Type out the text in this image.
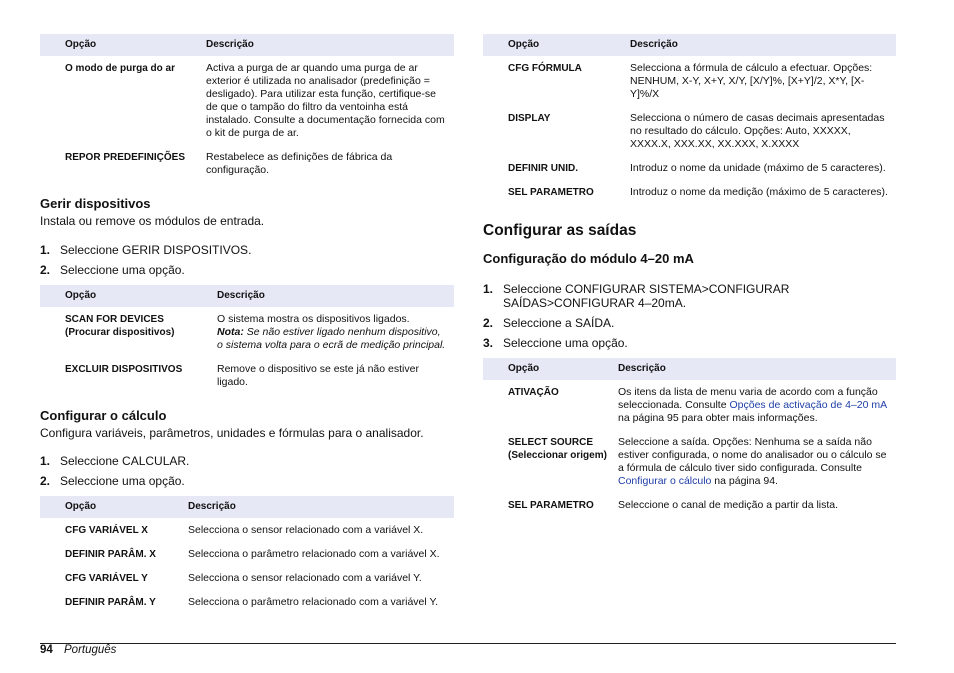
Opção	Descrição
O modo de purga do ar	Activa a purga de ar quando uma purga de ar exterior é utilizada no analisador (predefinição = desligado). Para utilizar esta função, certifique-se de que o tampão do filtro da ventoinha está instalado. Consulte a documentação fornecida com o kit de purga de ar.
REPOR PREDEFINIÇÕES	Restabelece as definições de fábrica da configuração.
Gerir dispositivos

Instala ou remove os módulos de entrada.

1. Seleccione GERIR DISPOSITIVOS.
2. Seleccione uma opção.
Opção	Descrição
SCAN FOR DEVICES (Procurar dispositivos)	O sistema mostra os dispositivos ligados.
Nota: Se não estiver ligado nenhum dispositivo, o sistema volta para o ecrã de medição principal.
EXCLUIR DISPOSITIVOS	Remove o dispositivo se este já não estiver ligado.
Configurar o cálculo

Configura variáveis, parâmetros, unidades e fórmulas para o analisador.

1. Seleccione CALCULAR.
2. Seleccione uma opção.
Opção	Descrição
CFG VARIÁVEL X	Selecciona o sensor relacionado com a variável X.
DEFINIR PARÂM. X	Selecciona o parâmetro relacionado com a variável X.
CFG VARIÁVEL Y	Selecciona o sensor relacionado com a variável Y.
DEFINIR PARÂM. Y	Selecciona o parâmetro relacionado com a variável Y.
Opção	Descrição
CFG FÓRMULA	Selecciona a fórmula de cálculo a efectuar. Opções: NENHUM, X-Y, X+Y, X/Y, [X/Y]%, [X+Y]/2, X*Y, [X-Y]%/X
DISPLAY	Selecciona o número de casas decimais apresentadas no resultado do cálculo. Opções: Auto, XXXXX, XXXX.X, XXX.XX, XX.XXX, X.XXXX
DEFINIR UNID.	Introduz o nome da unidade (máximo de 5 caracteres).
SEL PARAMETRO	Introduz o nome da medição (máximo de 5 caracteres).
Configurar as saídas
Configuração do módulo 4–20 mA
1. Seleccione CONFIGURAR SISTEMA>CONFIGURAR SAÍDAS>CONFIGURAR 4–20mA.
2. Seleccione a SAÍDA.
3. Seleccione uma opção.
Opção	Descrição
ATIVAÇÃO	Os itens da lista de menu varia de acordo com a função seleccionada. Consulte Opções de activação de 4–20 mA na página 95 para obter mais informações.
SELECT SOURCE (Seleccionar origem)	Seleccione a saída. Opções: Nenhuma se a saída não estiver configurada, o nome do analisador ou o cálculo se a fórmula de cálculo tiver sido configurada. Consulte Configurar o cálculo na página 94.
SEL PARAMETRO	Seleccione o canal de medição a partir da lista.
94 Português
